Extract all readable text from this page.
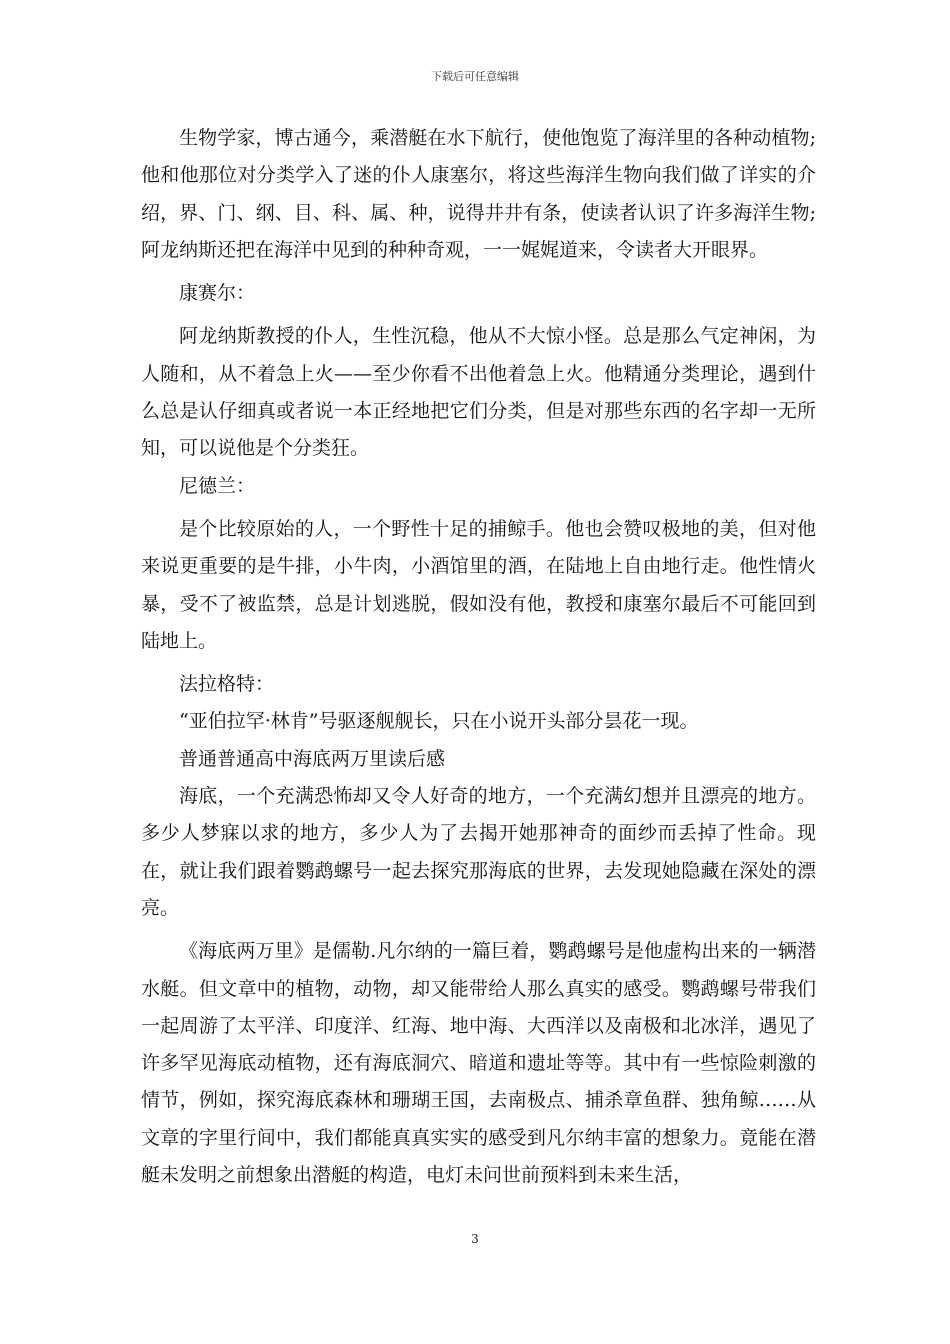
下载后可任意编辑

生物学家，博古通今，乘潜艇在水下航行，使他饱览了海洋里的各种动植物;他和他那位对分类学入了迷的仆人康塞尔，将这些海洋生物向我们做了详实的介绍，界、门、纲、目、科、属、种，说得井井有条，使读者认识了许多海洋生物;阿龙纳斯还把在海洋中见到的种种奇观，一一娓娓道来，令读者大开眼界。

康赛尔：

阿龙纳斯教授的仆人，生性沉稳，他从不大惊小怪。总是那么气定神闲，为人随和，从不着急上火——至少你看不出他着急上火。他精通分类理论，遇到什么总是认仔细真或者说一本正经地把它们分类，但是对那些东西的名字却一无所知，可以说他是个分类狂。

尼德兰：

是个比较原始的人，一个野性十足的捕鲸手。他也会赞叹极地的美，但对他来说更重要的是牛排，小牛肉，小酒馆里的酒，在陆地上自由地行走。他性情火暴，受不了被监禁，总是计划逃脱，假如没有他，教授和康塞尔最后不可能回到陆地上。

法拉格特：

“亚伯拉罕·林肯”号驱逐舰舰长，只在小说开头部分昙花一现。

普通普通高中海底两万里读后感

海底，一个充满恐怖却又令人好奇的地方，一个充满幻想并且漂亮的地方。多少人梦寐以求的地方，多少人为了去揭开她那神奇的面纱而丢掉了性命。现在，就让我们跟着鹦鹉螺号一起去探究那海底的世界，去发现她隐藏在深处的漂亮。

《海底两万里》是儒勒.凡尔纳的一篇巨着，鹦鹉螺号是他虚构出来的一辆潜水艇。但文章中的植物，动物，却又能带给人那么真实的感受。鹦鹉螺号带我们一起周游了太平洋、印度洋、红海、地中海、大西洋以及南极和北冰洋，遇见了许多罕见海底动植物，还有海底洞穴、暗道和遗址等等。其中有一些惊险刺激的情节，例如，探究海底森林和珊瑚王国，去南极点、捕杀章鱼群、独角鲸……从文章的字里行间中，我们都能真真实实的感受到凡尔纳丰富的想象力。竟能在潜艇未发明之前想象出潜艇的构造，电灯未问世前预料到未来生活，

3
